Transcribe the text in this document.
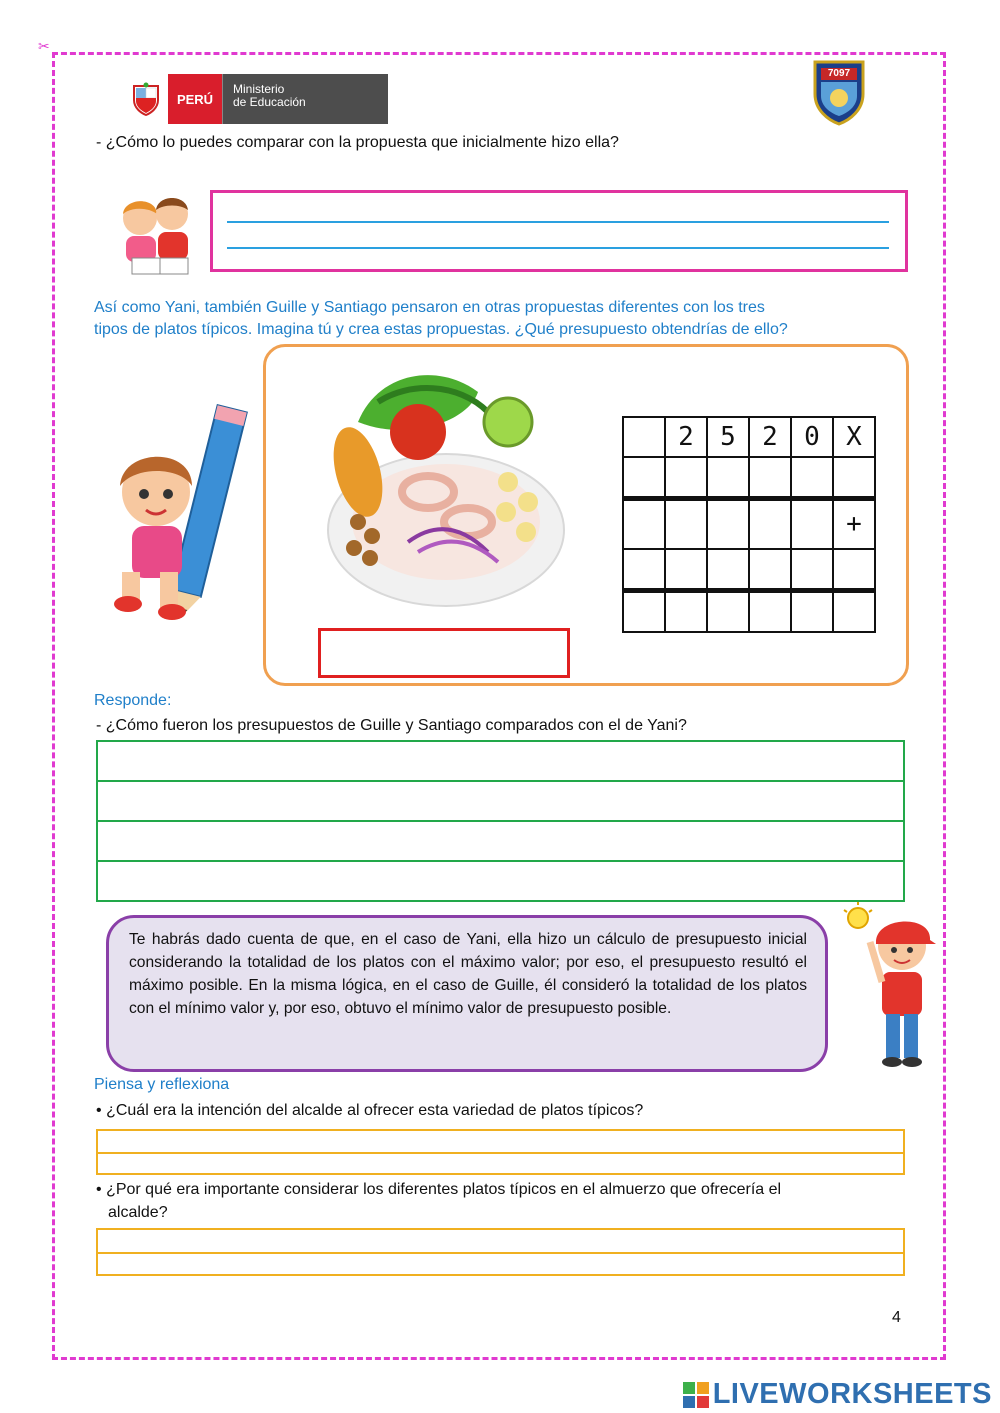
✂
PERÚ
Ministerio
de Educación
7097
- ¿Cómo lo puedes comparar con la propuesta que inicialmente hizo ella?
Así como Yani, también Guille y Santiago pensaron en otras propuestas diferentes con los tres
tipos de platos típicos. Imagina tú y crea estas propuestas. ¿Qué presupuesto obtendrías de ello?
	2	5	2	0	X

					+

Responde:
- ¿Cómo fueron los presupuestos de Guille y Santiago comparados con el de Yani?

Te habrás dado cuenta de que, en el caso de Yani, ella hizo un cálculo de presupuesto inicial considerando la totalidad de los platos con el máximo valor; por eso, el presupuesto resultó el máximo posible. En la misma lógica, en el caso de Guille, él consideró la totalidad de los platos con el mínimo valor y, por eso, obtuvo el mínimo valor de presupuesto posible.

Piensa y reflexiona
• ¿Cuál era la intención del alcalde al ofrecer esta variedad de platos típicos?
• ¿Por qué era importante considerar los diferentes platos típicos en el almuerzo que ofrecería el
alcalde?
4
LIVEWORKSHEETS
